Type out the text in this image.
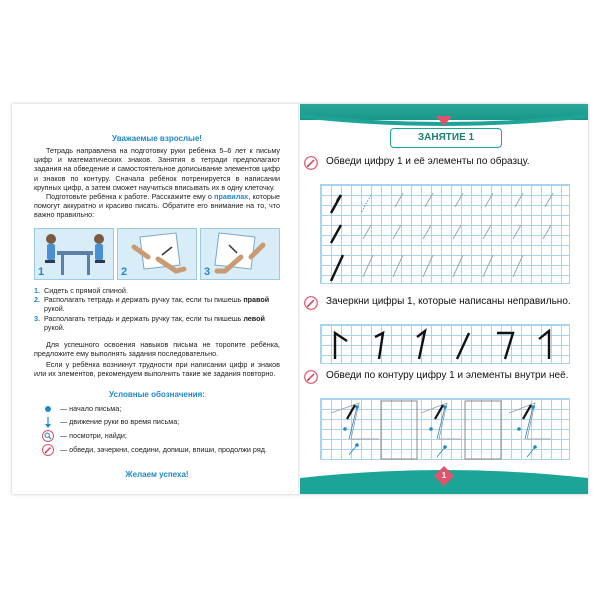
Уважаемые взрослые!

Тетрадь направлена на подготовку руки ребёнка 5–6 лет к письму цифр и математических знаков. Занятия в тетради предполагают задания на обведение и самостоятельное дописывание элементов цифр и знаков по контуру. Сначала ребёнок потренируется в написании крупных цифр, а затем сможет научиться вписывать их в одну клеточку.

Подготовьте ребёнка к работе. Расскажите ему о правилах, которые помогут аккуратно и красиво писать. Обратите его внимание на то, что важно правильно:

1	2	3
1. Сидеть с прямой спиной.
2. Располагать тетрадь и держать ручку так, если ты пишешь правой рукой.
3. Располагать тетрадь и держать ручку так, если ты пишешь левой рукой.

Для успешного освоения навыков письма не торопите ребёнка, предложите ему выполнять задания последовательно.

Если у ребёнка возникнут трудности при написании цифр и знаков или их элементов, рекомендуем выполнить такие же задания повторно.

Условные обозначения:

— начало письма;
— движение руки во время письма;
— посмотри, найди;
— обведи, зачеркни, соедини, допиши, впиши, продолжи ряд.

Желаем успеха!

ЗАНЯТИЕ 1
Обведи цифру 1 и её элементы по образцу.
Зачеркни цифры 1, которые написаны неправильно.
Обведи по контуру цифру 1 и элементы внутри неё.
1
